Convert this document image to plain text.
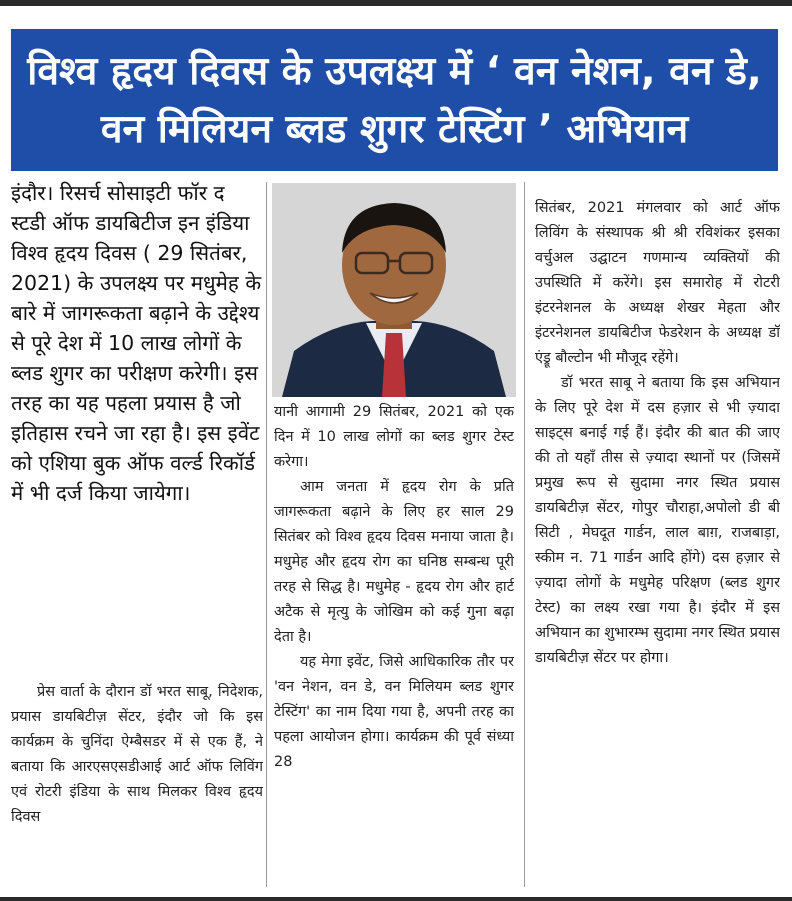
विश्व हृदय दिवस के उपलक्ष्य में ‘ वन नेशन, वन डे, वन मिलियन ब्लड शुगर टेस्टिंग ’ अभियान

इंदौर। रिसर्च सोसाइटी फॉर द स्टडी ऑफ डायबिटीज इन इंडिया विश्व हृदय दिवस ( 29 सितंबर, 2021) के उपलक्ष्य पर मधुमेह के बारे में जागरूकता बढ़ाने के उद्देश्य से पूरे देश में 10 लाख लोगों के ब्लड शुगर का परीक्षण करेगी। इस तरह का यह पहला प्रयास है जो इतिहास रचने जा रहा है। इस इवेंट को एशिया बुक ऑफ वर्ल्ड रिकॉर्ड में भी दर्ज किया जायेगा।

प्रेस वार्ता के दौरान डॉ भरत साबू, निदेशक, प्रयास डायबिटीज़ सेंटर, इंदौर जो कि इस कार्यक्रम के चुनिंदा ऐम्बैसडर में से एक हैं, ने बताया कि आरएसएसडीआई आर्ट ऑफ लिविंग एवं रोटरी इंडिया के साथ मिलकर विश्व हृदय दिवस

यानी आगामी 29 सितंबर, 2021 को एक दिन में 10 लाख लोगों का ब्लड शुगर टेस्ट करेगा।

आम जनता में हृदय रोग के प्रति जागरूकता बढ़ाने के लिए हर साल 29 सितंबर को विश्व हृदय दिवस मनाया जाता है। मधुमेह और हृदय रोग का घनिष्ठ सम्बन्ध पूरी तरह से सिद्ध है। मधुमेह - हृदय रोग और हार्ट अटैक से मृत्यु के जोखिम को कई गुना बढ़ा देता है।

यह मेगा इवेंट, जिसे आधिकारिक तौर पर 'वन नेशन, वन डे, वन मिलियम ब्लड शुगर टेस्टिंग' का नाम दिया गया है, अपनी तरह का पहला आयोजन होगा। कार्यक्रम की पूर्व संध्या 28

सितंबर, 2021 मंगलवार को आर्ट ऑफ लिविंग के संस्थापक श्री श्री रविशंकर इसका वर्चुअल उद्घाटन गणमान्य व्यक्तियों की उपस्थिति में करेंगे। इस समारोह में रोटरी इंटरनेशनल के अध्यक्ष शेखर मेहता और इंटरनेशनल डायबिटीज फेडरेशन के अध्यक्ष डॉ एंड्रू बौल्टोन भी मौजूद रहेंगे।

डॉ भरत साबू ने बताया कि इस अभियान के लिए पूरे देश में दस हज़ार से भी ज़्यादा साइट्स बनाई गई हैं। इंदौर की बात की जाए की तो यहाँ तीस से ज़्यादा स्थानों पर (जिसमें प्रमुख रूप से सुदामा नगर स्थित प्रयास डायबिटीज़ सेंटर, गोपुर चौराहा,अपोलो डी बी सिटी , मेघदूत गार्डन, लाल बाग़, राजबाड़ा, स्कीम न. 71 गार्डन आदि होंगे) दस हज़ार से ज़्यादा लोगों के मधुमेह परिक्षण (ब्लड शुगर टेस्ट) का लक्ष्य रखा गया है। इंदौर में इस अभियान का शुभारम्भ सुदामा नगर स्थित प्रयास डायबिटीज़ सेंटर पर होगा।
